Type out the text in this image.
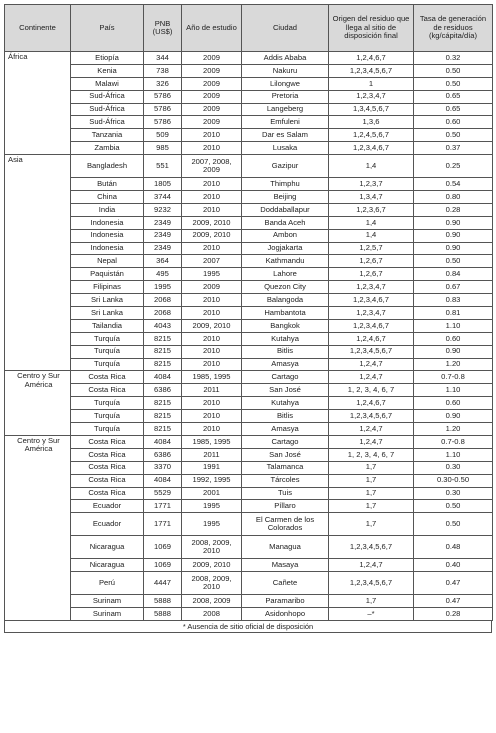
Continente	País	PNB (US$)	Año de estudio	Ciudad	Origen del residuo que llega al sitio de disposición final	Tasa de generación de residuos (kg/cápita/día)
África	Etiopía	344	2009	Addis Ababa	1,2,4,6,7	0.32
	Kenia	738	2009	Nakuru	1,2,3,4,5,6,7	0.50
	Malawi	326	2009	Lilongwe	1	0.50
	Sud-África	5786	2009	Pretoria	1,2,3,4,7	0.65
	Sud-África	5786	2009	Langeberg	1,3,4,5,6,7	0.65
	Sud-África	5786	2009	Emfuleni	1,3,6	0.60
	Tanzania	509	2010	Dar es Salam	1,2,4,5,6,7	0.50
	Zambia	985	2010	Lusaka	1,2,3,4,6,7	0.37
Asia	Bangladesh	551	2007, 2008, 2009	Gazipur	1,4	0.25
	Bután	1805	2010	Thimphu	1,2,3,7	0.54
	China	3744	2010	Beijing	1,3,4,7	0.80
	India	9232	2010	Doddaballapur	1,2,3,6,7	0.28
	Indonesia	2349	2009, 2010	Banda Aceh	1,4	0.90
	Indonesia	2349	2009, 2010	Ambon	1,4	0.90
	Indonesia	2349	2010	Jogjakarta	1,2,5,7	0.90
	Nepal	364	2007	Kathmandu	1,2,6,7	0.50
	Paquistán	495	1995	Lahore	1,2,6,7	0.84
	Filipinas	1995	2009	Quezon City	1,2,3,4,7	0.67
	Sri Lanka	2068	2010	Balangoda	1,2,3,4,6,7	0.83
	Sri Lanka	2068	2010	Hambantota	1,2,3,4,7	0.81
	Tailandia	4043	2009, 2010	Bangkok	1,2,3,4,6,7	1.10
	Turquía	8215	2010	Kutahya	1,2,4,6,7	0.60
	Turquía	8215	2010	Bitlis	1,2,3,4,5,6,7	0.90
	Turquía	8215	2010	Amasya	1,2,4,7	1.20
Centro y Sur América	Costa Rica	4084	1985, 1995	Cartago	1,2,4,7	0.7-0.8
	Costa Rica	6386	2011	San José	1, 2, 3, 4, 6, 7	1.10
	Turquía	8215	2010	Kutahya	1,2,4,6,7	0.60
	Turquía	8215	2010	Bitlis	1,2,3,4,5,6,7	0.90
	Turquía	8215	2010	Amasya	1,2,4,7	1.20
Centro y Sur América	Costa Rica	4084	1985, 1995	Cartago	1,2,4,7	0.7-0.8
	Costa Rica	6386	2011	San José	1, 2, 3, 4, 6, 7	1.10
	Costa Rica	3370	1991	Talamanca	1,7	0.30
	Costa Rica	4084	1992, 1995	Tárcoles	1,7	0.30-0.50
	Costa Rica	5529	2001	Tuis	1,7	0.30
	Ecuador	1771	1995	Píllaro	1,7	0.50
	Ecuador	1771	1995	El Carmen de los Colorados	1,7	0.50
	Nicaragua	1069	2008, 2009, 2010	Managua	1,2,3,4,5,6,7	0.48
	Nicaragua	1069	2009, 2010	Masaya	1,2,4,7	0.40
	Perú	4447	2008, 2009, 2010	Cañete	1,2,3,4,5,6,7	0.47
	Surinam	5888	2008, 2009	Paramaribo	1,7	0.47
	Surinam	5888	2008	Asidonhopo	–*	0.28
* Ausencia de sitio oficial de disposición
